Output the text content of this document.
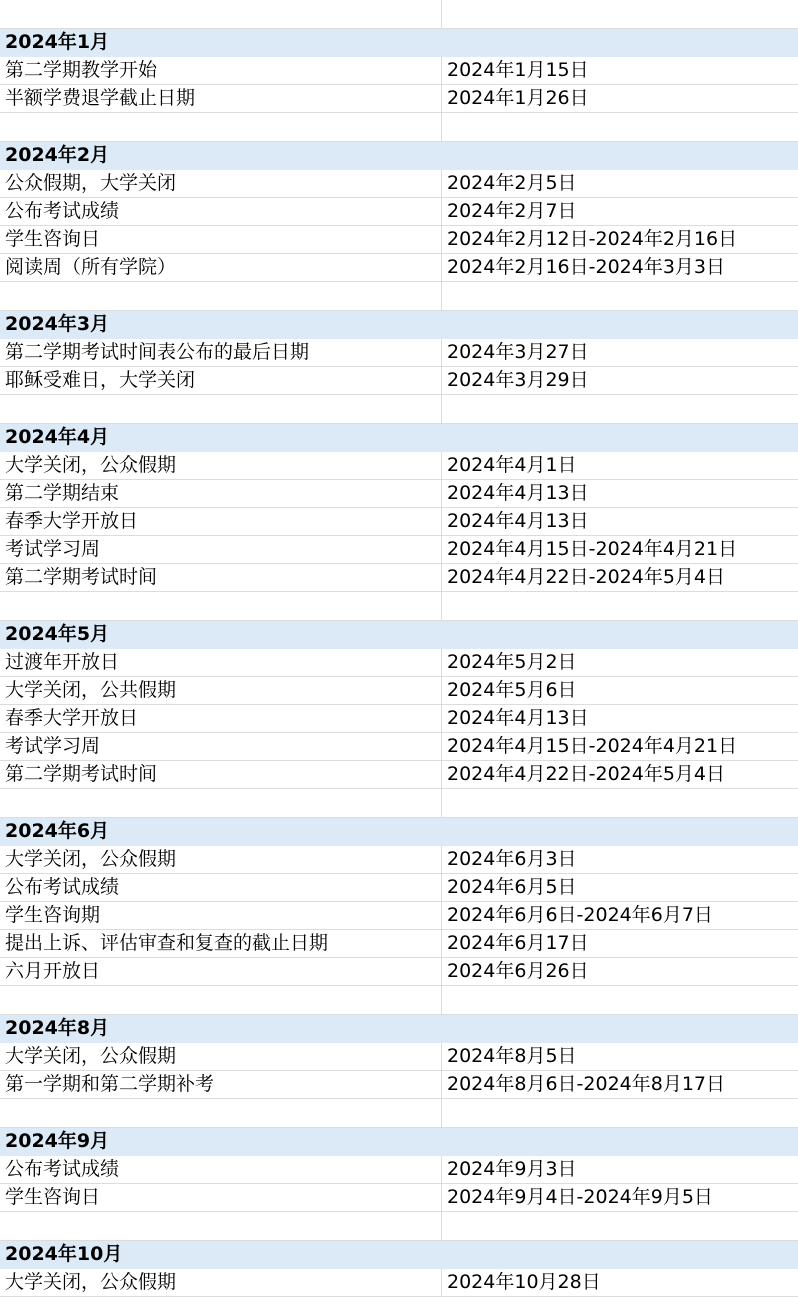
2024年1月
第二学期教学开始	2024年1月15日
半额学费退学截止日期	2024年1月26日
2024年2月
公众假期，大学关闭	2024年2月5日
公布考试成绩	2024年2月7日
学生咨询日	2024年2月12日-2024年2月16日
阅读周（所有学院）	2024年2月16日-2024年3月3日
2024年3月
第二学期考试时间表公布的最后日期	2024年3月27日
耶稣受难日，大学关闭	2024年3月29日
2024年4月
大学关闭，公众假期	2024年4月1日
第二学期结束	2024年4月13日
春季大学开放日	2024年4月13日
考试学习周	2024年4月15日-2024年4月21日
第二学期考试时间	2024年4月22日-2024年5月4日
2024年5月
过渡年开放日	2024年5月2日
大学关闭，公共假期	2024年5月6日
春季大学开放日	2024年4月13日
考试学习周	2024年4月15日-2024年4月21日
第二学期考试时间	2024年4月22日-2024年5月4日
2024年6月
大学关闭，公众假期	2024年6月3日
公布考试成绩	2024年6月5日
学生咨询期	2024年6月6日-2024年6月7日
提出上诉、评估审查和复查的截止日期	2024年6月17日
六月开放日	2024年6月26日
2024年8月
大学关闭，公众假期	2024年8月5日
第一学期和第二学期补考	2024年8月6日-2024年8月17日
2024年9月
公布考试成绩	2024年9月3日
学生咨询日	2024年9月4日-2024年9月5日
2024年10月
大学关闭，公众假期	2024年10月28日
